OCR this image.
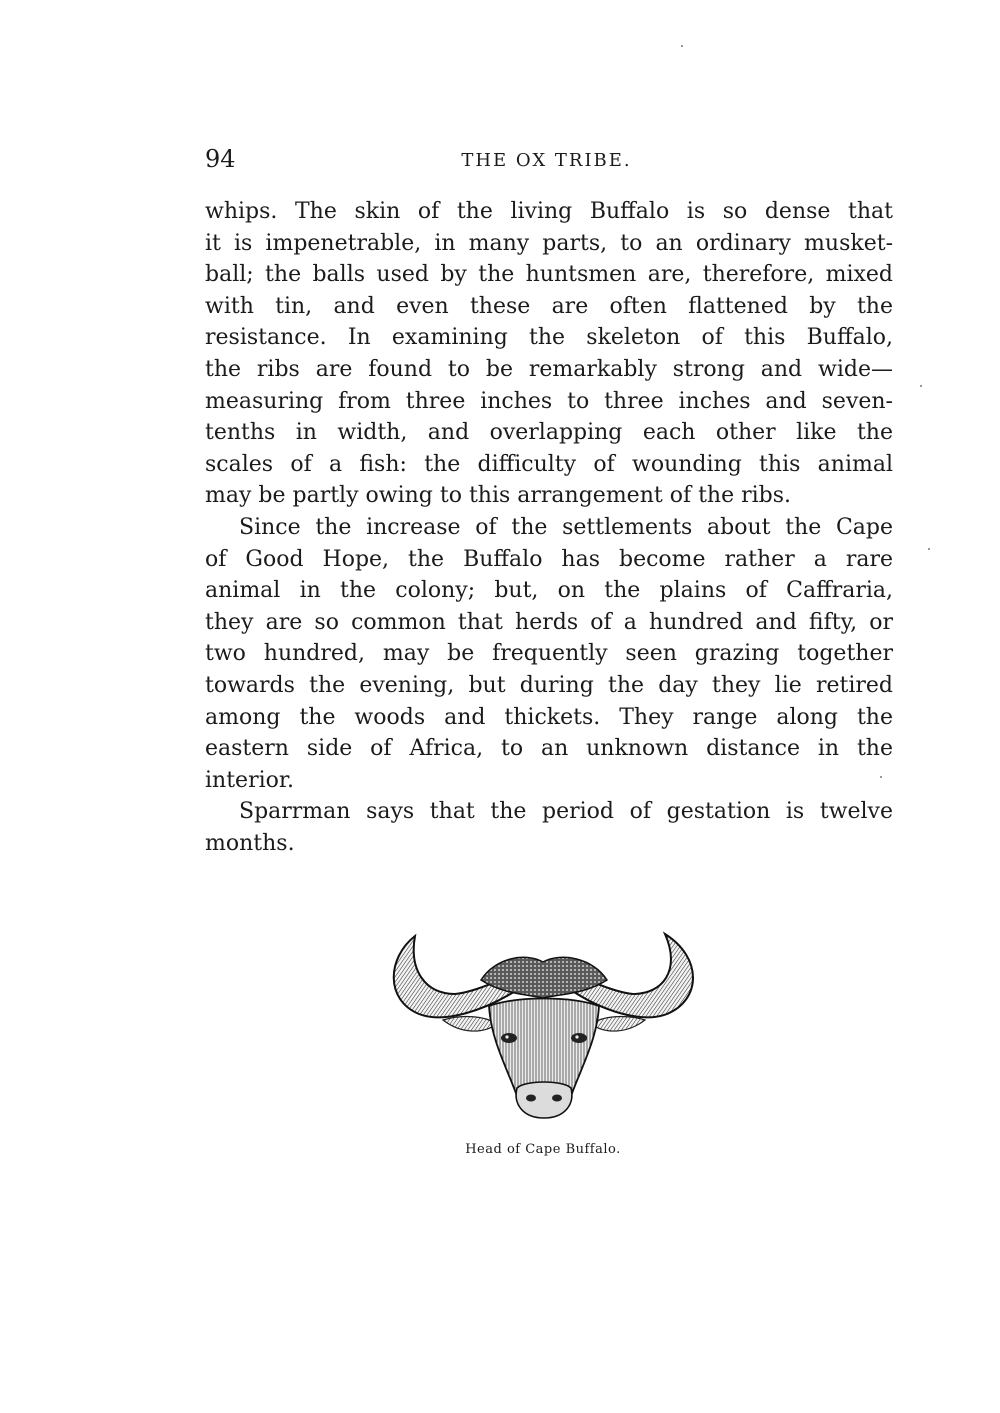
94	THE OX TRIBE.
whips. The skin of the living Buffalo is so dense that
it is impenetrable, in many parts, to an ordinary musket-
ball; the balls used by the huntsmen are, therefore, mixed
with tin, and even these are often flattened by the
resistance. In examining the skeleton of this Buffalo,
the ribs are found to be remarkably strong and wide—
measuring from three inches to three inches and seven-
tenths in width, and overlapping each other like the
scales of a fish: the difficulty of wounding this animal
may be partly owing to this arrangement of the ribs.
Since the increase of the settlements about the Cape
of Good Hope, the Buffalo has become rather a rare
animal in the colony; but, on the plains of Caffraria,
they are so common that herds of a hundred and fifty, or
two hundred, may be frequently seen grazing together
towards the evening, but during the day they lie retired
among the woods and thickets. They range along the
eastern side of Africa, to an unknown distance in the
interior.
Sparrman says that the period of gestation is twelve
months.
Head of Cape Buffalo.
